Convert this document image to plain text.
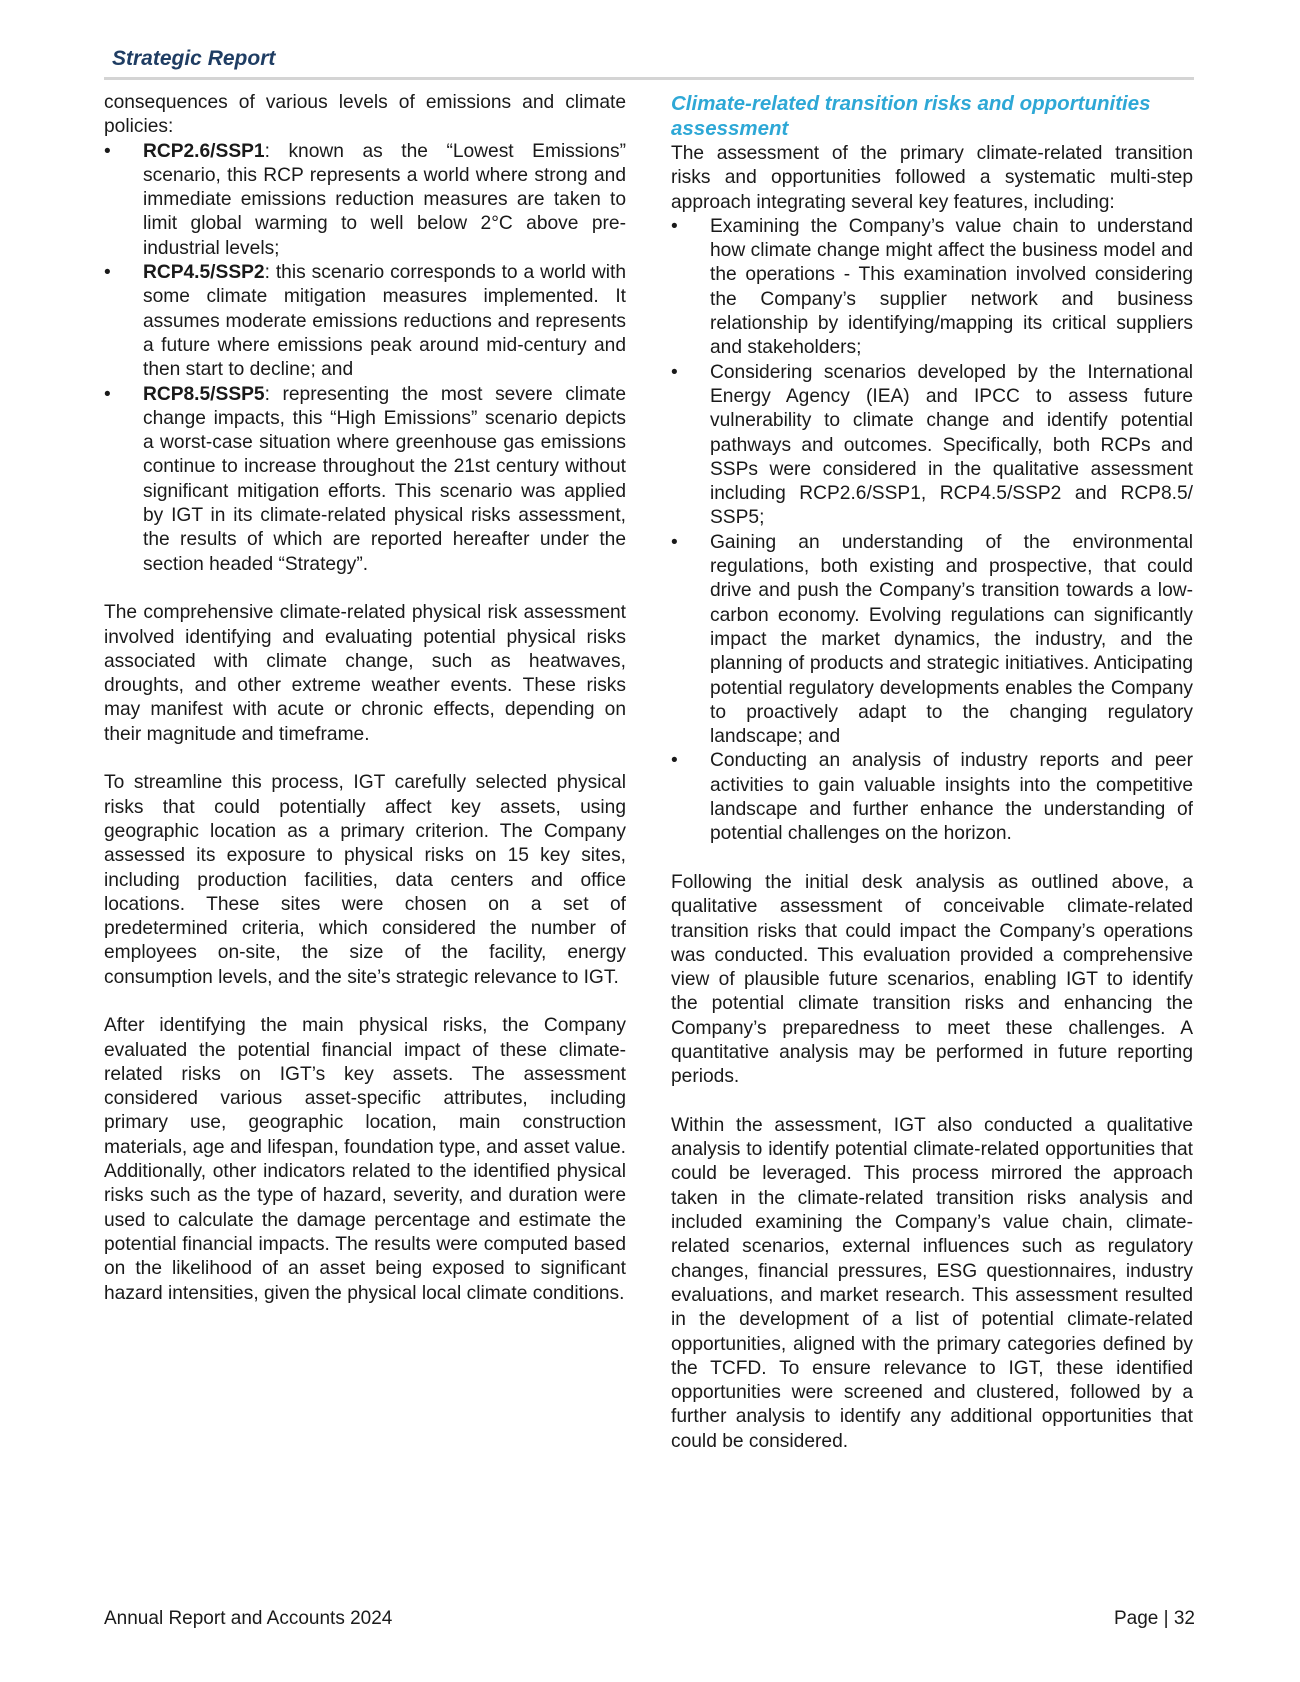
Strategic Report

consequences of various levels of emissions and climate policies:

• RCP2.6/SSP1: known as the “Lowest Emissions” scenario, this RCP represents a world where strong and immediate emissions reduction measures are taken to limit global warming to well below 2°C above pre-industrial levels;
• RCP4.5/SSP2: this scenario corresponds to a world with some climate mitigation measures implemented. It assumes moderate emissions reductions and represents a future where emissions peak around mid-century and then start to decline; and
• RCP8.5/SSP5: representing the most severe climate change impacts, this “High Emissions” scenario depicts a worst-case situation where greenhouse gas emissions continue to increase throughout the 21st century without significant mitigation efforts. This scenario was applied by IGT in its climate-related physical risks assessment, the results of which are reported hereafter under the section headed “Strategy”.

The comprehensive climate-related physical risk assessment involved identifying and evaluating potential physical risks associated with climate change, such as heatwaves, droughts, and other extreme weather events. These risks may manifest with acute or chronic effects, depending on their magnitude and timeframe.

To streamline this process, IGT carefully selected physical risks that could potentially affect key assets, using geographic location as a primary criterion. The Company assessed its exposure to physical risks on 15 key sites, including production facilities, data centers and office locations. These sites were chosen on a set of predetermined criteria, which considered the number of employees on-site, the size of the facility, energy consumption levels, and the site’s strategic relevance to IGT.

After identifying the main physical risks, the Company evaluated the potential financial impact of these climate-related risks on IGT’s key assets. The assessment considered various asset-specific attributes, including primary use, geographic location, main construction materials, age and lifespan, foundation type, and asset value. Additionally, other indicators related to the identified physical risks such as the type of hazard, severity, and duration were used to calculate the damage percentage and estimate the potential financial impacts. The results were computed based on the likelihood of an asset being exposed to significant hazard intensities, given the physical local climate conditions.

Climate-related transition risks and opportunities assessment

The assessment of the primary climate-related transition risks and opportunities followed a systematic multi-step approach integrating several key features, including:

• Examining the Company’s value chain to understand how climate change might affect the business model and the operations - This examination involved considering the Company’s supplier network and business relationship by identifying/mapping its critical suppliers and stakeholders;
• Considering scenarios developed by the International Energy Agency (IEA) and IPCC to assess future vulnerability to climate change and identify potential pathways and outcomes. Specifically, both RCPs and SSPs were considered in the qualitative assessment including RCP2.6/SSP1, RCP4.5/SSP2 and RCP8.5/ SSP5;
• Gaining an understanding of the environmental regulations, both existing and prospective, that could drive and push the Company’s transition towards a low-carbon economy. Evolving regulations can significantly impact the market dynamics, the industry, and the planning of products and strategic initiatives. Anticipating potential regulatory developments enables the Company to proactively adapt to the changing regulatory landscape; and
• Conducting an analysis of industry reports and peer activities to gain valuable insights into the competitive landscape and further enhance the understanding of potential challenges on the horizon.

Following the initial desk analysis as outlined above, a qualitative assessment of conceivable climate-related transition risks that could impact the Company’s operations was conducted. This evaluation provided a comprehensive view of plausible future scenarios, enabling IGT to identify the potential climate transition risks and enhancing the Company’s preparedness to meet these challenges. A quantitative analysis may be performed in future reporting periods.

Within the assessment, IGT also conducted a qualitative analysis to identify potential climate-related opportunities that could be leveraged. This process mirrored the approach taken in the climate-related transition risks analysis and included examining the Company’s value chain, climate-related scenarios, external influences such as regulatory changes, financial pressures, ESG questionnaires, industry evaluations, and market research. This assessment resulted in the development of a list of potential climate-related opportunities, aligned with the primary categories defined by the TCFD. To ensure relevance to IGT, these identified opportunities were screened and clustered, followed by a further analysis to identify any additional opportunities that could be considered.

Annual Report and Accounts 2024	Page | 32
